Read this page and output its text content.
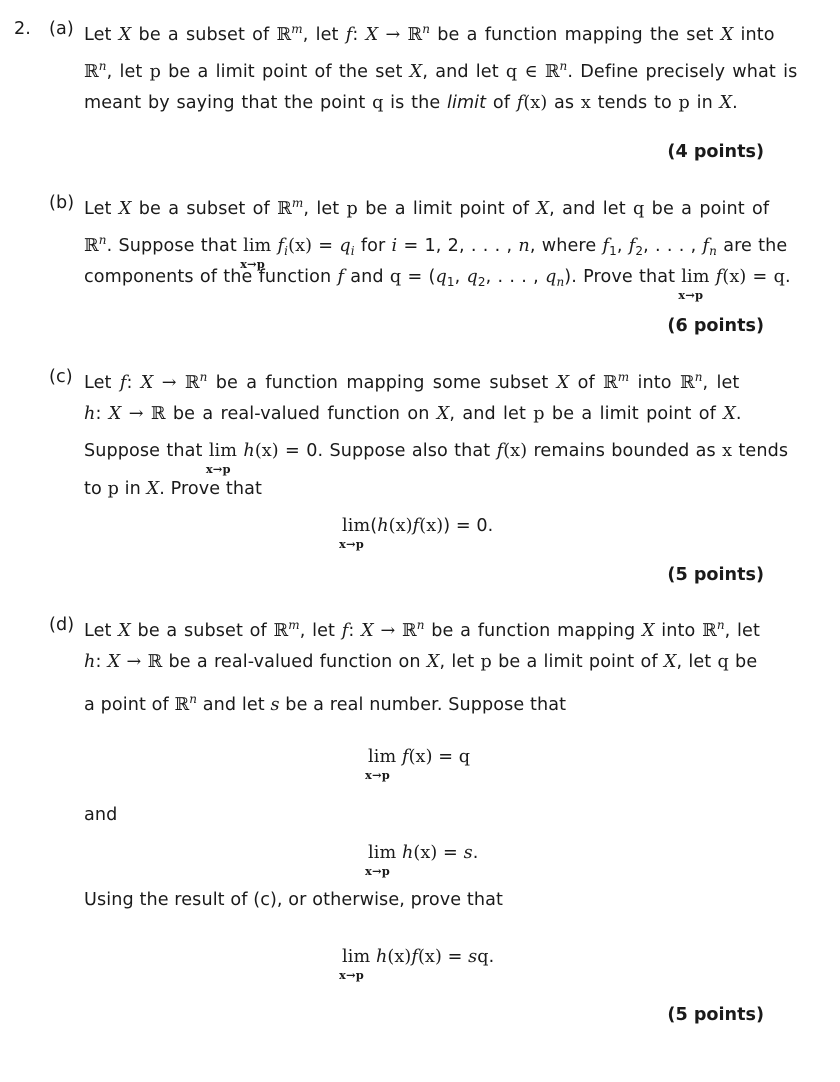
2. (a) Let X be a subset of ℝ$^m$, let f: X → ℝ$^n$ be a function mapping the set X into
ℝ$^n$, let p be a limit point of the set X, and let q ∈ ℝ$^n$. Define precisely what is
meant by saying that the point q is the limit of f(x) as x tends to p in X.
(4 points)
(b) Let X be a subset of ℝ$^m$, let p be a limit point of X, and let q be a point of
ℝ$^n$. Suppose that lim
x→p
$f_i(x) = q_i$ for i = 1, 2, . . . , n, where $f_1$, $f_2$, . . . , $f_n$ are the
components of the function f and $q = (q_1$, $q_2$, . . . , $q_n$). Prove that lim
x→p
f(x) = q.
(6 points)
(c) Let f: X → ℝ$^n$ be a function mapping some subset X of ℝ$^m$ into ℝ$^n$, let
h: X → ℝ be a real-valued function on X, and let p be a limit point of X.
Suppose that lim
x→p
h(x) = 0. Suppose also that f(x) remains bounded as x tends
to p in X. Prove that
lim
x→p
(h(x)f(x)) = 0.
(5 points)
(d) Let X be a subset of ℝ$^m$, let f: X → ℝ$^n$ be a function mapping X into ℝ$^n$, let
h: X → ℝ be a real-valued function on X, let p be a limit point of X, let q be
a point of ℝ$^n$ and let s be a real number. Suppose that
lim
x→p
f(x) = q
and
lim
x→p
h(x) = s.
Using the result of (c), or otherwise, prove that
lim
x→p
h(x)f(x) = sq.
(5 points)
